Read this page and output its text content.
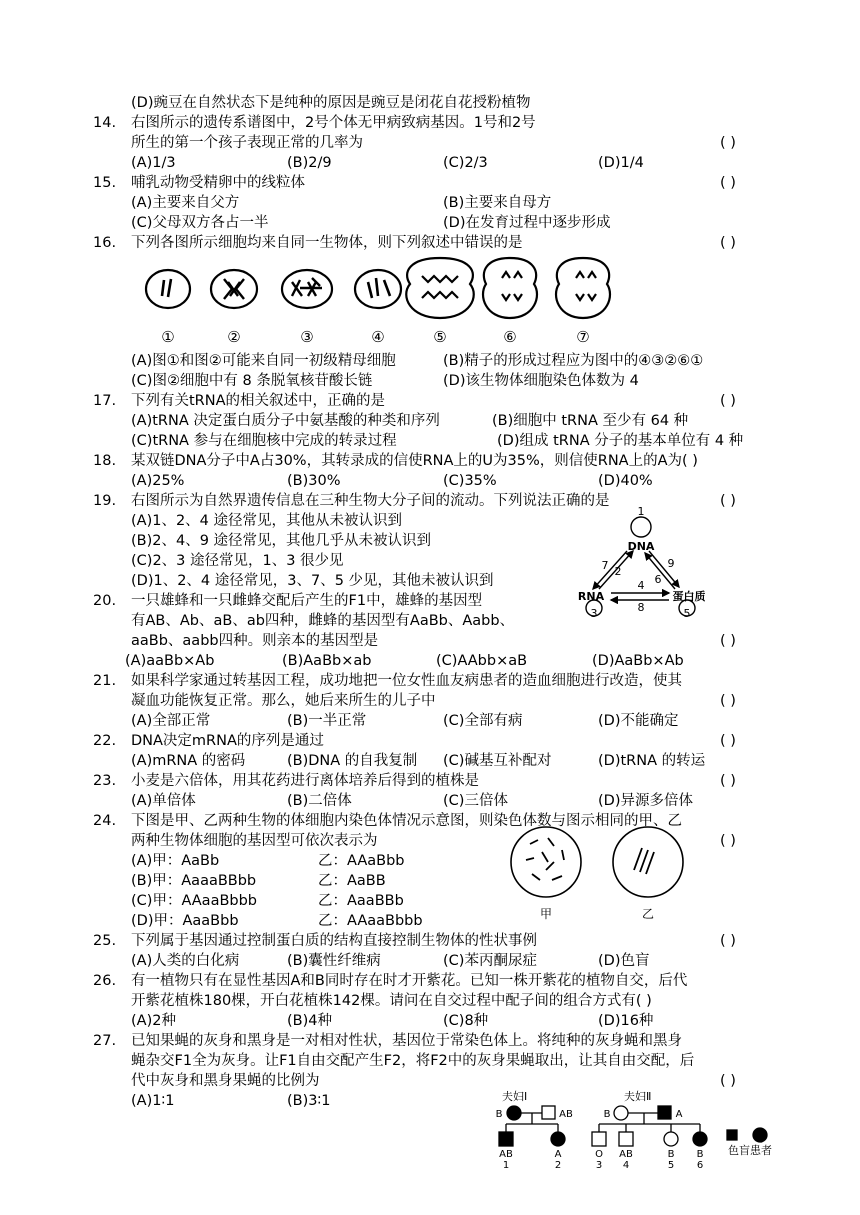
(D)豌豆在自然状态下是纯种的原因是豌豆是闭花自花授粉植物
14. 右图所示的遗传系谱图中，2号个体无甲病致病基因。1号和2号
所生的第一个孩子表现正常的几率为	( )
(A)1/3	(B)2/9	(C)2/3	(D)1/4
15. 哺乳动物受精卵中的线粒体	( )
(A)主要来自父方	(B)主要来自母方
(C)父母双方各占一半	(D)在发育过程中逐步形成
16. 下列各图所示细胞均来自同一生物体，则下列叙述中错误的是	( )
①	②	③	④	⑤	⑥	⑦
(A)图①和图②可能来自同一初级精母细胞	(B)精子的形成过程应为图中的④③②⑥①
(C)图②细胞中有 8 条脱氧核苷酸长链	(D)该生物体细胞染色体数为 4
17. 下列有关tRNA的相关叙述中，正确的是	( )
(A)tRNA 决定蛋白质分子中氨基酸的种类和序列	(B)细胞中 tRNA 至少有 64 种
(C)tRNA 参与在细胞核中完成的转录过程	(D)组成 tRNA 分子的基本单位有 4 种
18. 某双链DNA分子中A占30%，其转录成的信使RNA上的U为35%，则信使RNA上的A为( )
(A)25%	(B)30%	(C)35%	(D)40%
19. 右图所示为自然界遗传信息在三种生物大分子间的流动。下列说法正确的是	( )
(A)1、2、4 途径常见，其他从未被认识到
(B)2、4、9 途径常见，其他几乎从未被认识到
(C)2、3 途径常见，1、3 很少见
(D)1、2、4 途径常见，3、7、5 少见，其他未被认识到
1
DNA
RNA	蛋白质
2
3
4
5
6
7
8
9
20. 一只雄蜂和一只雌蜂交配后产生的F1中，雄蜂的基因型
有AB、Ab、aB、ab四种，雌蜂的基因型有AaBb、Aabb、
aaBb、aabb四种。则亲本的基因型是	( )
(A)aaBb×Ab	(B)AaBb×ab	(C)AAbb×aB	(D)AaBb×Ab
21. 如果科学家通过转基因工程，成功地把一位女性血友病患者的造血细胞进行改造，使其
凝血功能恢复正常。那么，她后来所生的儿子中	( )
(A)全部正常	(B)一半正常	(C)全部有病	(D)不能确定
22. DNA决定mRNA的序列是通过	( )
(A)mRNA 的密码	(B)DNA 的自我复制 (C)碱基互补配对	(D)tRNA 的转运
23. 小麦是六倍体，用其花药进行离体培养后得到的植株是	( )
(A)单倍体	(B)二倍体	(C)三倍体	(D)异源多倍体
24. 下图是甲、乙两种生物的体细胞内染色体情况示意图，则染色体数与图示相同的甲、乙
两种生物体细胞的基因型可依次表示为	( )
(A)甲：AaBb	乙：AAaBbb
(B)甲：AaaaBBbb	乙：AaBB
(C)甲：AAaaBbbb	乙：AaaBBb
(D)甲：AaaBbb	乙：AAaaBbbb	甲	乙
25. 下列属于基因通过控制蛋白质的结构直接控制生物体的性状事例	( )
(A)人类的白化病	(B)囊性纤维病	(C)苯丙酮尿症	(D)色盲
26. 有一植物只有在显性基因A和B同时存在时才开紫花。已知一株开紫花的植物自交，后代
开紫花植株180棵，开白花植株142棵。请问在自交过程中配子间的组合方式有( )
(A)2种	(B)4种	(C)8种	(D)16种
27. 已知果蝇的灰身和黑身是一对相对性状，基因位于常染色体上。将纯种的灰身蝇和黑身
蝇杂交F1全为灰身。让F1自由交配产生F2，将F2中的灰身果蝇取出，让其自由交配，后
代中灰身和黑身果蝇的比例为	( )
(A)1∶1	(B)3∶1	夫妇Ⅰ	夫妇Ⅱ
B	AB	B	A
AB
1
A
2
O
3
AB
4
B
5
B
6
色盲患者
